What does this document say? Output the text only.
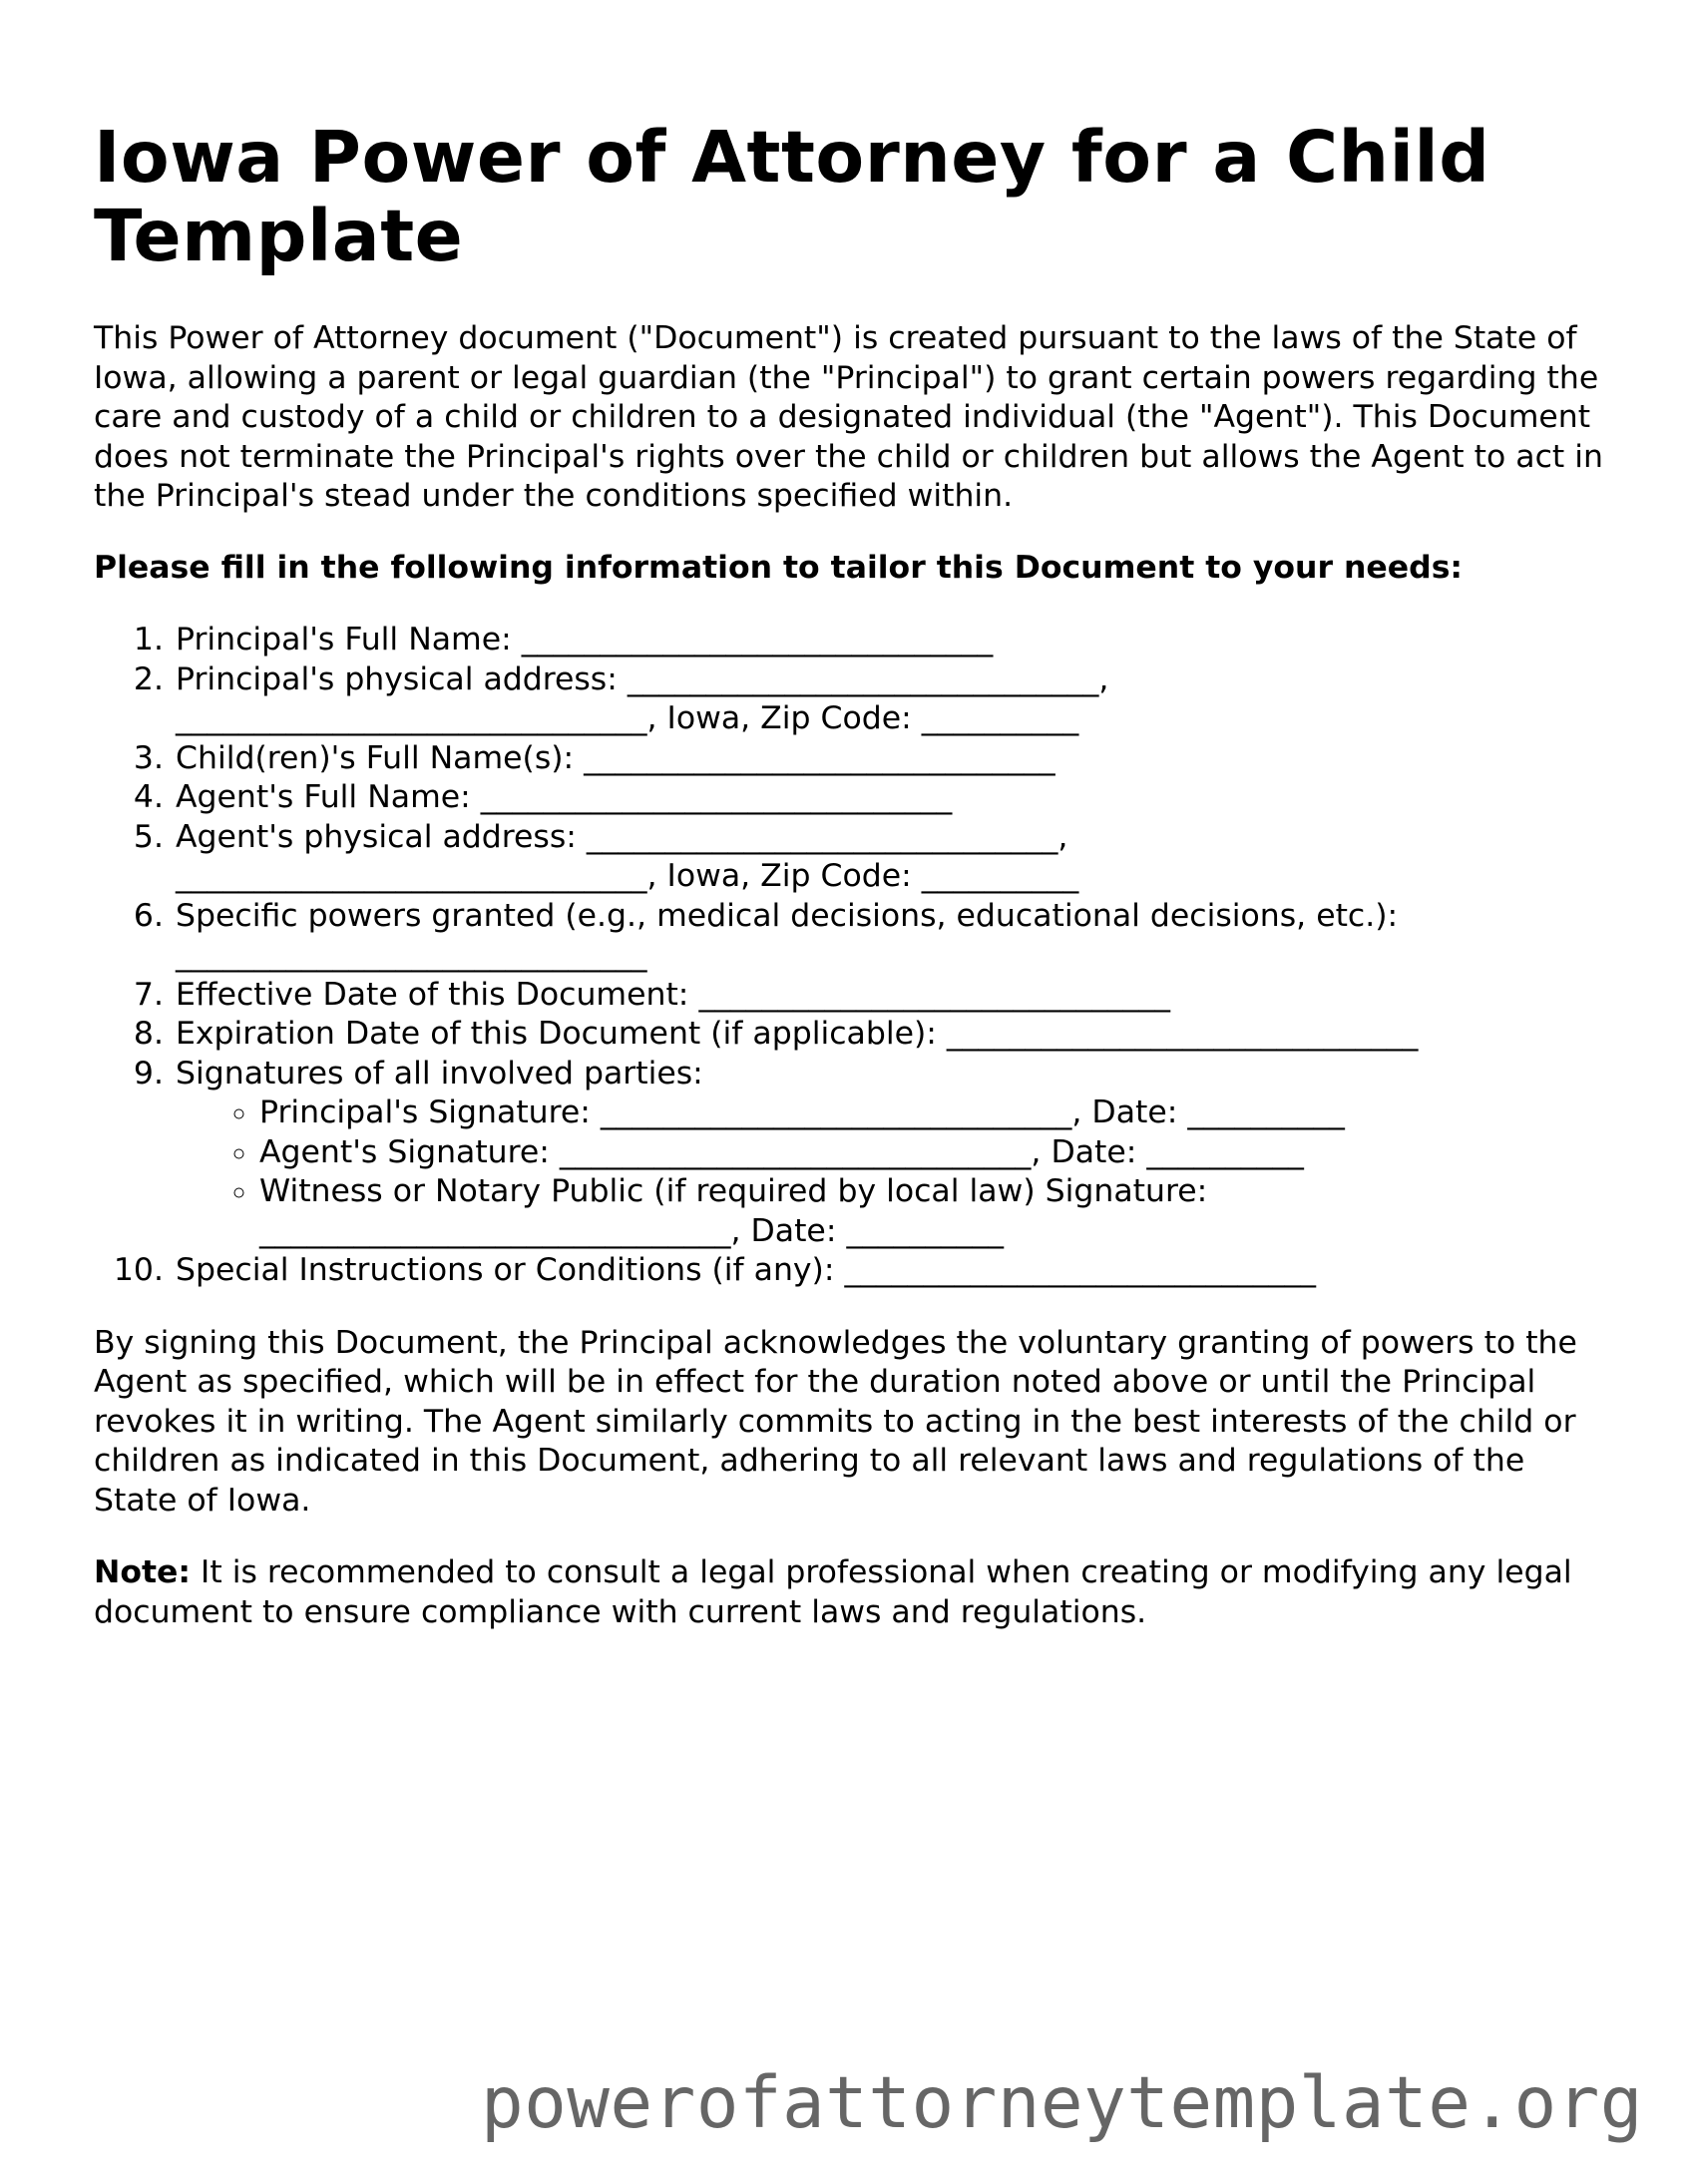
Iowa Power of Attorney for a Child Template

This Power of Attorney document ("Document") is created pursuant to the laws of the State of Iowa, allowing a parent or legal guardian (the "Principal") to grant certain powers regarding the care and custody of a child or children to a designated individual (the "Agent"). This Document does not terminate the Principal's rights over the child or children but allows the Agent to act in the Principal's stead under the conditions specified within.

Please fill in the following information to tailor this Document to your needs:

1. Principal's Full Name: ______________________________
2. Principal's physical address: ______________________________,
______________________________, Iowa, Zip Code: __________
3. Child(ren)'s Full Name(s): ______________________________
4. Agent's Full Name: ______________________________
5. Agent's physical address: ______________________________,
______________________________, Iowa, Zip Code: __________
6. Specific powers granted (e.g., medical decisions, educational decisions, etc.):
______________________________
7. Effective Date of this Document: ______________________________
8. Expiration Date of this Document (if applicable): ______________________________
9. Signatures of all involved parties:
◦ Principal's Signature: ______________________________, Date: __________
◦ Agent's Signature: ______________________________, Date: __________
◦ Witness or Notary Public (if required by local law) Signature:
______________________________, Date: __________
10. Special Instructions or Conditions (if any): ______________________________

By signing this Document, the Principal acknowledges the voluntary granting of powers to the Agent as specified, which will be in effect for the duration noted above or until the Principal revokes it in writing. The Agent similarly commits to acting in the best interests of the child or children as indicated in this Document, adhering to all relevant laws and regulations of the State of Iowa.

Note: It is recommended to consult a legal professional when creating or modifying any legal document to ensure compliance with current laws and regulations.

powerofattorneytemplate.org
